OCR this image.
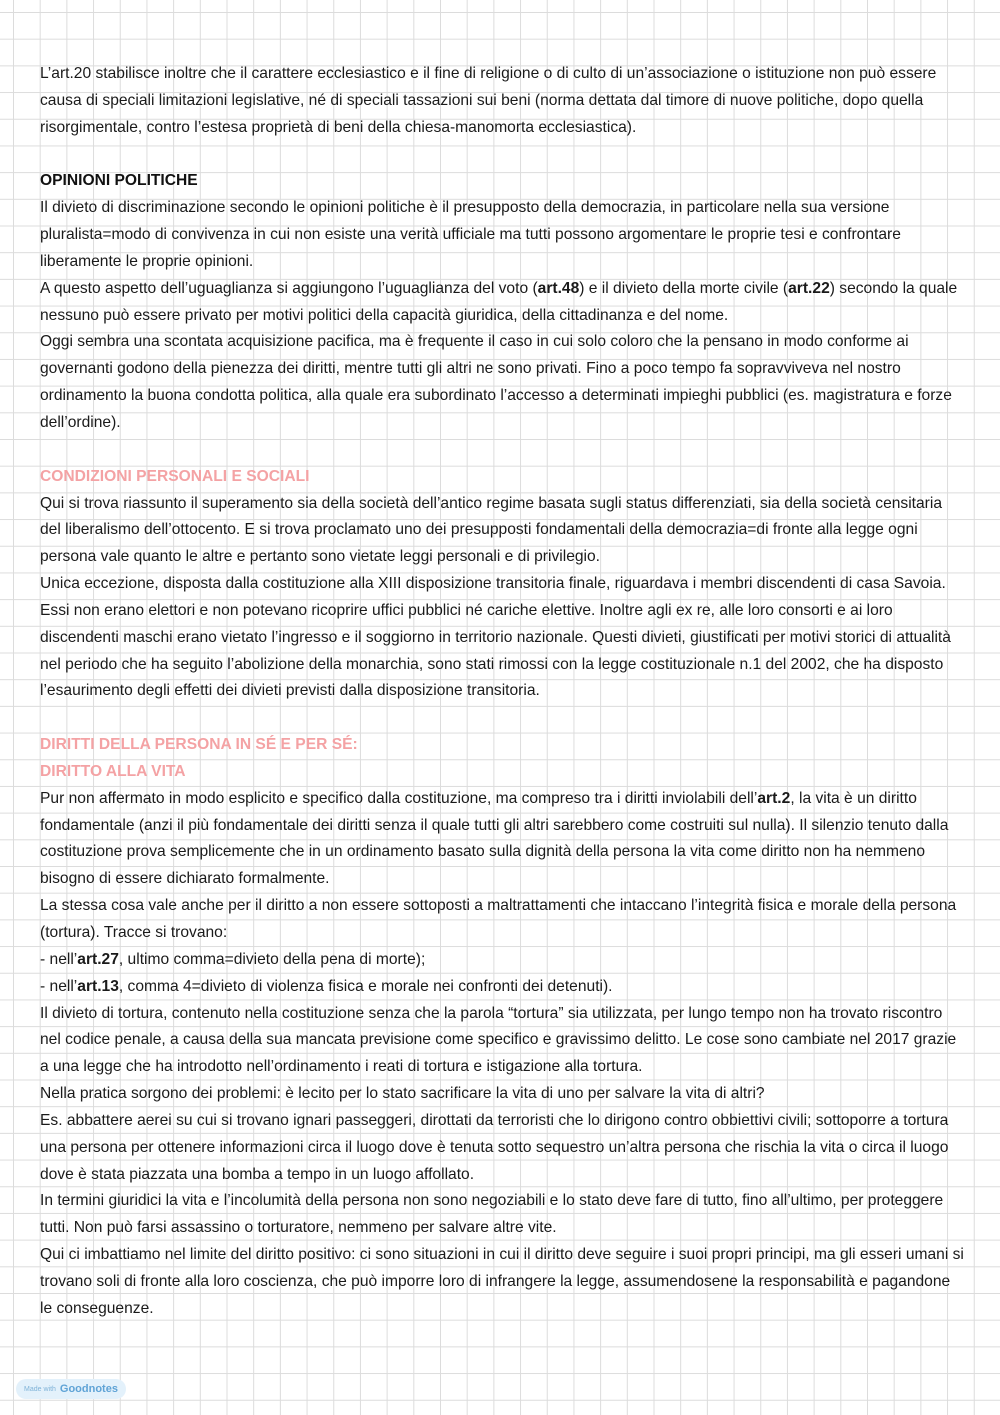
L’art.20 stabilisce inoltre che il carattere ecclesiastico e il fine di religione o di culto di un’associazione o istituzione non può essere causa di speciali limitazioni legislative, né di speciali tassazioni sui beni (norma dettata dal timore di nuove politiche, dopo quella risorgimentale, contro l’estesa proprietà di beni della chiesa-manomorta ecclesiastica).

OPINIONI POLITICHE

Il divieto di discriminazione secondo le opinioni politiche è il presupposto della democrazia, in particolare nella sua versione pluralista=modo di convivenza in cui non esiste una verità ufficiale ma tutti possono argomentare le proprie tesi e confrontare liberamente le proprie opinioni.

A questo aspetto dell’uguaglianza si aggiungono l’uguaglianza del voto (art.48) e il divieto della morte civile (art.22) secondo la quale nessuno può essere privato per motivi politici della capacità giuridica, della cittadinanza e del nome.

Oggi sembra una scontata acquisizione pacifica, ma è frequente il caso in cui solo coloro che la pensano in modo conforme ai governanti godono della pienezza dei diritti, mentre tutti gli altri ne sono privati. Fino a poco tempo fa sopravviveva nel nostro ordinamento la buona condotta politica, alla quale era subordinato l’accesso a determinati impieghi pubblici (es. magistratura e forze dell’ordine).

CONDIZIONI PERSONALI E SOCIALI

Qui si trova riassunto il superamento sia della società dell’antico regime basata sugli status differenziati, sia della società censitaria del liberalismo dell’ottocento. E si trova proclamato uno dei presupposti fondamentali della democrazia=di fronte alla legge ogni persona vale quanto le altre e pertanto sono vietate leggi personali e di privilegio.

Unica eccezione, disposta dalla costituzione alla XIII disposizione transitoria finale, riguardava i membri discendenti di casa Savoia. Essi non erano elettori e non potevano ricoprire uffici pubblici né cariche elettive. Inoltre agli ex re, alle loro consorti e ai loro discendenti maschi erano vietato l’ingresso e il soggiorno in territorio nazionale. Questi divieti, giustificati per motivi storici di attualità nel periodo che ha seguito l’abolizione della monarchia, sono stati rimossi con la legge costituzionale n.1 del 2002, che ha disposto l’esaurimento degli effetti dei divieti previsti dalla disposizione transitoria.

DIRITTI DELLA PERSONA IN SÉ E PER SÉ:

DIRITTO ALLA VITA

Pur non affermato in modo esplicito e specifico dalla costituzione, ma compreso tra i diritti inviolabili dell’art.2, la vita è un diritto fondamentale (anzi il più fondamentale dei diritti senza il quale tutti gli altri sarebbero come costruiti sul nulla). Il silenzio tenuto dalla costituzione prova semplicemente che in un ordinamento basato sulla dignità della persona la vita come diritto non ha nemmeno bisogno di essere dichiarato formalmente.

La stessa cosa vale anche per il diritto a non essere sottoposti a maltrattamenti che intaccano l’integrità fisica e morale della persona (tortura). Tracce si trovano:

- nell’art.27, ultimo comma=divieto della pena di morte);

- nell’art.13, comma 4=divieto di violenza fisica e morale nei confronti dei detenuti).

Il divieto di tortura, contenuto nella costituzione senza che la parola “tortura” sia utilizzata, per lungo tempo non ha trovato riscontro nel codice penale, a causa della sua mancata previsione come specifico e gravissimo delitto. Le cose sono cambiate nel 2017 grazie a una legge che ha introdotto nell’ordinamento i reati di tortura e istigazione alla tortura.

Nella pratica sorgono dei problemi: è lecito per lo stato sacrificare la vita di uno per salvare la vita di altri?

Es. abbattere aerei su cui si trovano ignari passeggeri, dirottati da terroristi che lo dirigono contro obbiettivi civili; sottoporre a tortura una persona per ottenere informazioni circa il luogo dove è tenuta sotto sequestro un’altra persona che rischia la vita o circa il luogo dove è stata piazzata una bomba a tempo in un luogo affollato.

In termini giuridici la vita e l’incolumità della persona non sono negoziabili e lo stato deve fare di tutto, fino all’ultimo, per proteggere tutti. Non può farsi assassino o torturatore, nemmeno per salvare altre vite.

Qui ci imbattiamo nel limite del diritto positivo: ci sono situazioni in cui il diritto deve seguire i suoi propri principi, ma gli esseri umani si trovano soli di fronte alla loro coscienza, che può imporre loro di infrangere la legge, assumendosene la responsabilità e pagandone le conseguenze.

Made with Goodnotes
